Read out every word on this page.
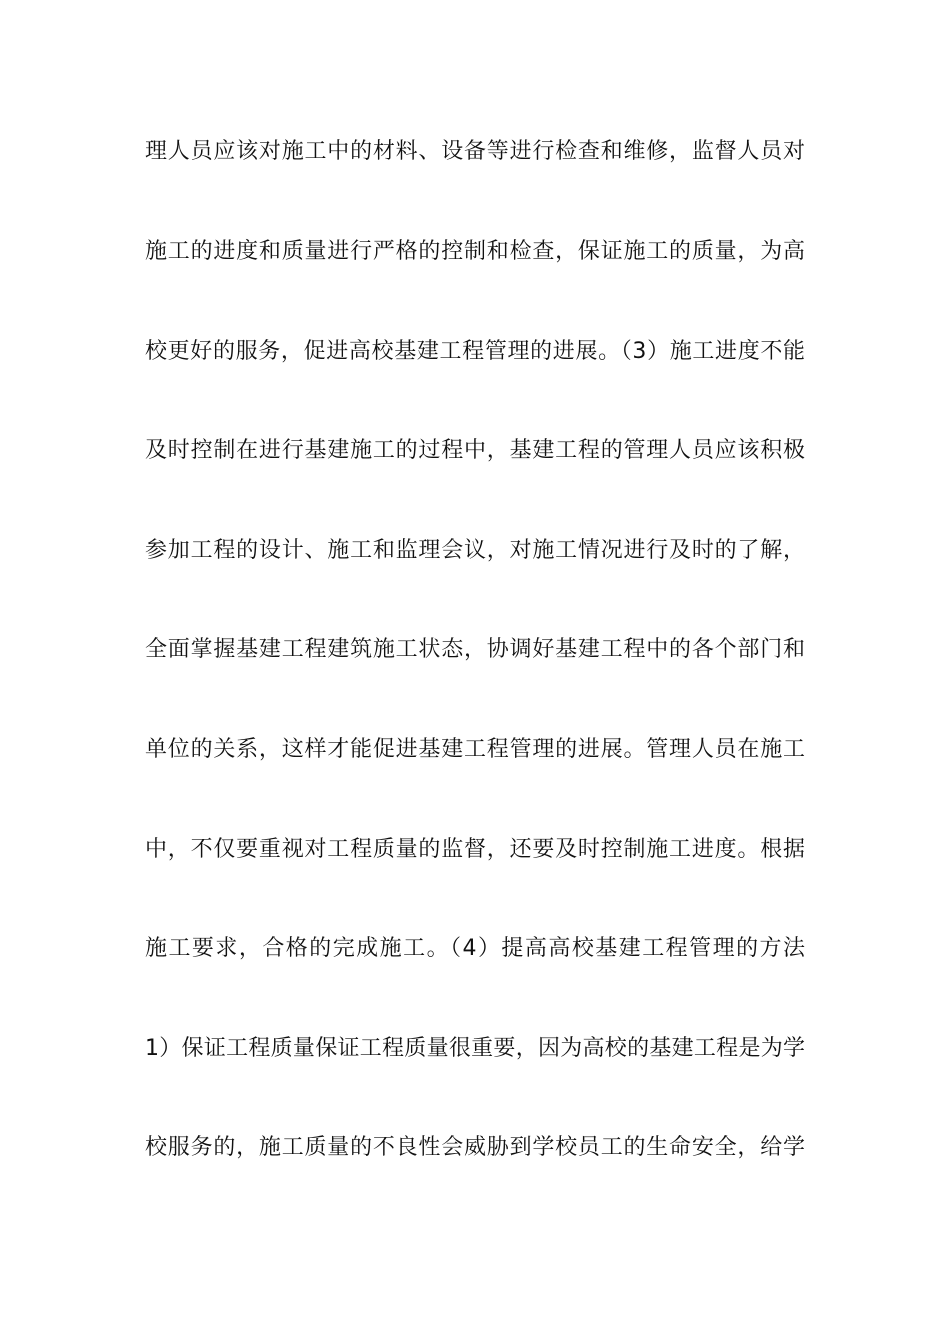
理人员应该对施工中的材料、设备等进行检查和维修，监督人员对
施工的进度和质量进行严格的控制和检查，保证施工的质量，为高
校更好的服务，促进高校基建工程管理的进展。（3）施工进度不能
及时控制在进行基建施工的过程中，基建工程的管理人员应该积极
参加工程的设计、施工和监理会议，对施工情况进行及时的了解，
全面掌握基建工程建筑施工状态，协调好基建工程中的各个部门和
单位的关系，这样才能促进基建工程管理的进展。管理人员在施工
中，不仅要重视对工程质量的监督，还要及时控制施工进度。根据
施工要求，合格的完成施工。（4）提高高校基建工程管理的方法
1）保证工程质量保证工程质量很重要，因为高校的基建工程是为学
校服务的，施工质量的不良性会威胁到学校员工的生命安全，给学
